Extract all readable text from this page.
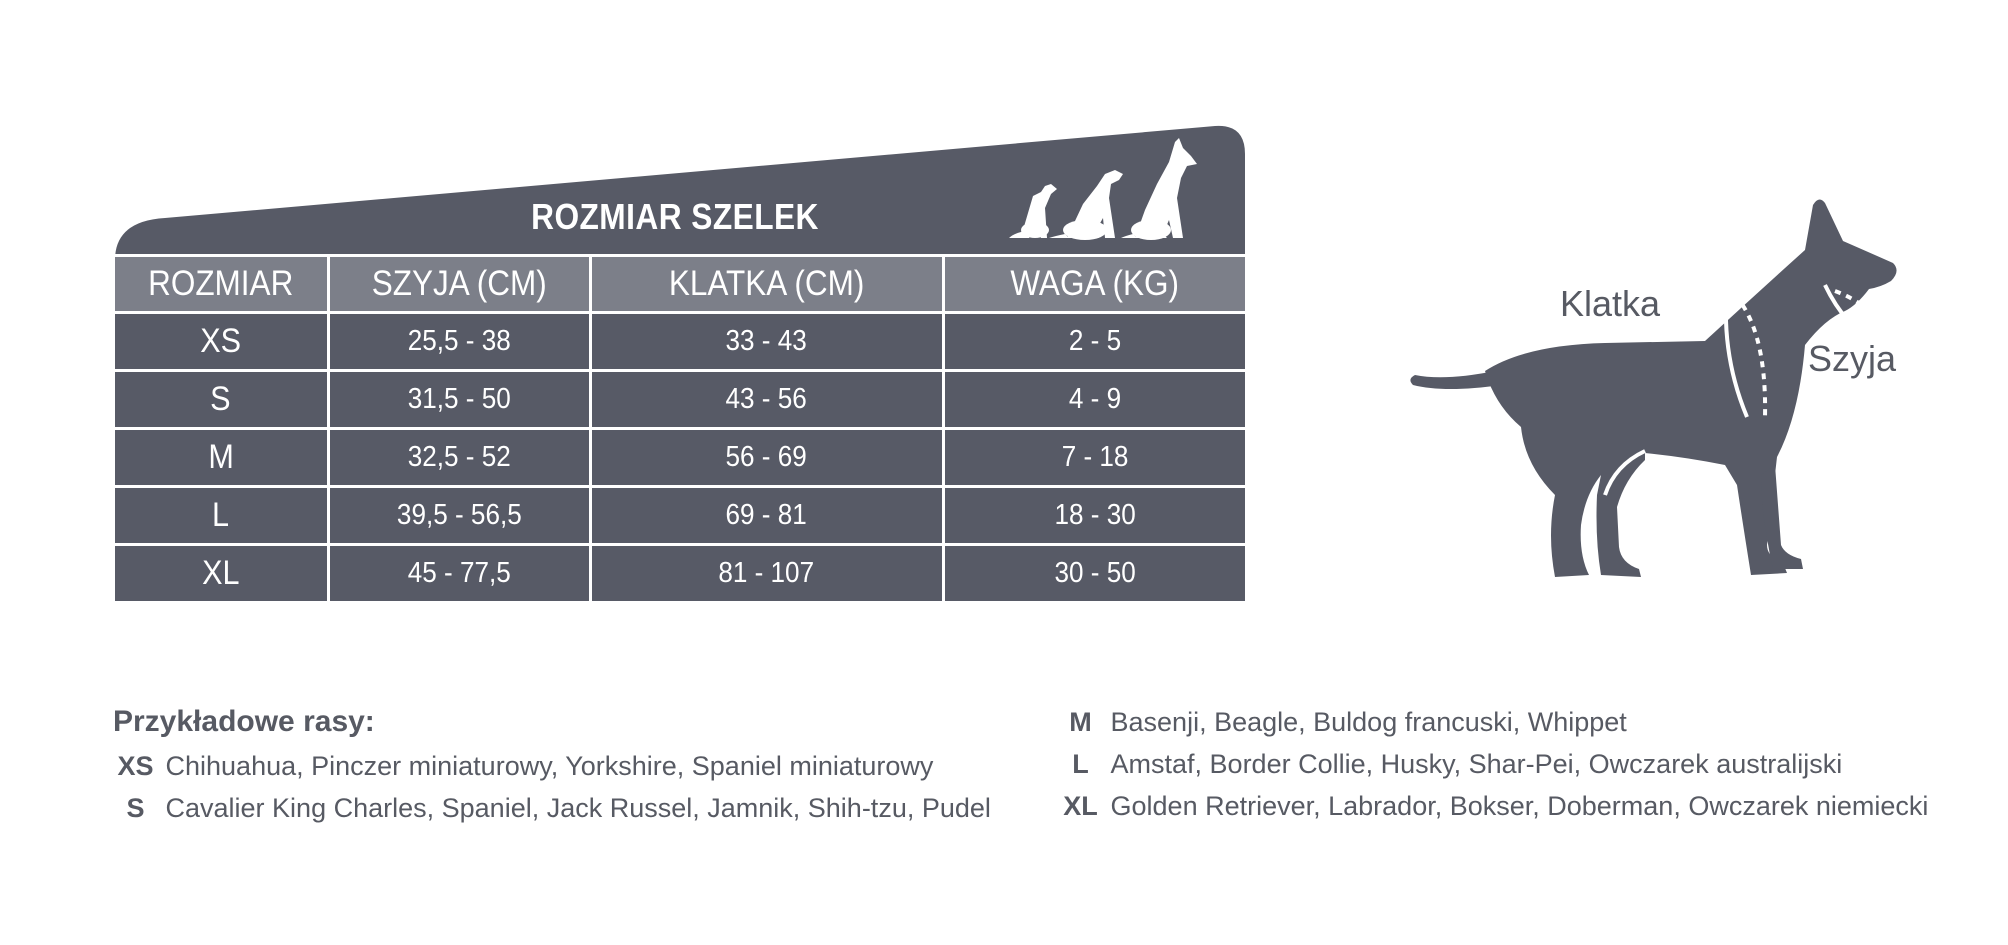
ROZMIAR SZELEK
ROZMIAR	SZYJA (CM)	KLATKA (CM)	WAGA (KG)
XS	25,5 - 38	33 - 43	2 - 5
S	31,5 - 50	43 - 56	4 - 9
M	32,5 - 52	56 - 69	7 - 18
L	39,5 - 56,5	69 - 81	18 - 30
XL	45 - 77,5	81 - 107	30 - 50
Klatka
Szyja
Przykładowe rasy:
XS Chihuahua, Pinczer miniaturowy, Yorkshire, Spaniel miniaturowy
S Cavalier King Charles, Spaniel, Jack Russel, Jamnik, Shih-tzu, Pudel
M Basenji, Beagle, Buldog francuski, Whippet
L Amstaf, Border Collie, Husky, Shar-Pei, Owczarek australijski
XL Golden Retriever, Labrador, Bokser, Doberman, Owczarek niemiecki
